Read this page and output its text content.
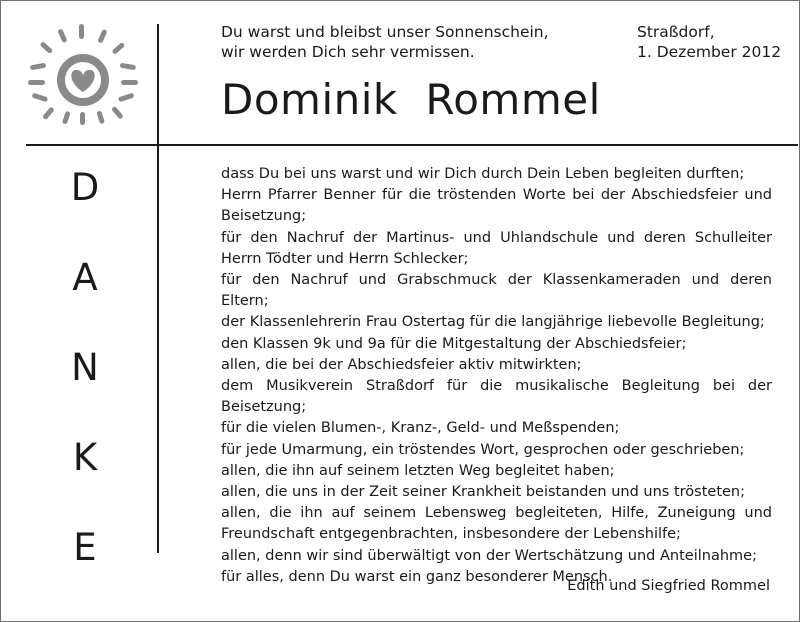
Du warst und bleibst unser Sonnenschein,
wir werden Dich sehr vermissen.
Straßdorf,
1. Dezember 2012
Dominik  Rommel
D
A
N
K
E
dass Du bei uns warst und wir Dich durch Dein Leben begleiten durften;
Herrn Pfarrer Benner für die tröstenden Worte bei der Abschiedsfeier und Beisetzung;
für den Nachruf der Martinus- und Uhlandschule und deren Schulleiter Herrn Tödter und Herrn Schlecker;
für den Nachruf und Grabschmuck der Klassenkameraden und deren Eltern;
der Klassenlehrerin Frau Ostertag für die langjährige liebevolle Begleitung;
den Klassen 9k und 9a für die Mitgestaltung der Abschiedsfeier;
allen, die bei der Abschiedsfeier aktiv mitwirkten;
dem Musikverein Straßdorf für die musikalische Begleitung bei der Beisetzung;
für die vielen Blumen-, Kranz-, Geld- und Meßspenden;
für jede Umarmung, ein tröstendes Wort, gesprochen oder geschrieben;
allen, die ihn auf seinem letzten Weg begleitet haben;
allen, die uns in der Zeit seiner Krankheit beistanden und uns trösteten;
allen, die ihn auf seinem Lebensweg begleiteten, Hilfe, Zuneigung und Freundschaft entgegenbrachten, insbesondere der Lebenshilfe;
allen, denn wir sind überwältigt von der Wertschätzung und Anteilnahme;
für alles, denn Du warst ein ganz besonderer Mensch.
Edith und Siegfried Rommel
